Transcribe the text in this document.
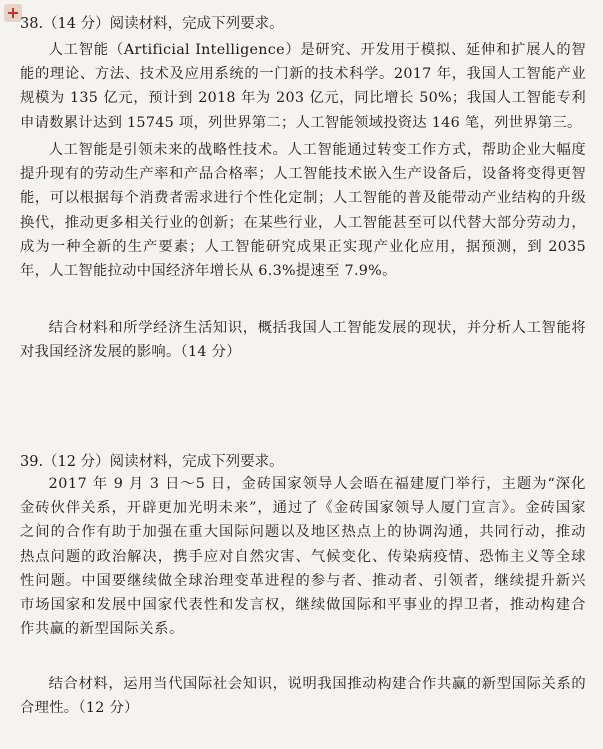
38.（14 分）阅读材料，完成下列要求。

人工智能（Artificial Intelligence）是研究、开发用于模拟、延伸和扩展人的智能的理论、方法、技术及应用系统的一门新的技术科学。2017 年，我国人工智能产业规模为 135 亿元，预计到 2018 年为 203 亿元，同比增长 50%；我国人工智能专利申请数累计达到 15745 项，列世界第二；人工智能领域投资达 146 笔，列世界第三。

人工智能是引领未来的战略性技术。人工智能通过转变工作方式，帮助企业大幅度提升现有的劳动生产率和产品合格率；人工智能技术嵌入生产设备后，设备将变得更智能，可以根据每个消费者需求进行个性化定制；人工智能的普及能带动产业结构的升级换代，推动更多相关行业的创新；在某些行业，人工智能甚至可以代替大部分劳动力，成为一种全新的生产要素；人工智能研究成果正实现产业化应用，据预测，到 2035 年，人工智能拉动中国经济年增长从 6.3%提速至 7.9%。

结合材料和所学经济生活知识，概括我国人工智能发展的现状，并分析人工智能将对我国经济发展的影响。（14 分）

39.（12 分）阅读材料，完成下列要求。

2017 年 9 月 3 日～5 日，金砖国家领导人会晤在福建厦门举行，主题为“深化金砖伙伴关系，开辟更加光明未来”，通过了《金砖国家领导人厦门宣言》。金砖国家之间的合作有助于加强在重大国际问题以及地区热点上的协调沟通，共同行动，推动热点问题的政治解决，携手应对自然灾害、气候变化、传染病疫情、恐怖主义等全球性问题。中国要继续做全球治理变革进程的参与者、推动者、引领者，继续提升新兴市场国家和发展中国家代表性和发言权，继续做国际和平事业的捍卫者，推动构建合作共赢的新型国际关系。

结合材料，运用当代国际社会知识，说明我国推动构建合作共赢的新型国际关系的合理性。（12 分）
